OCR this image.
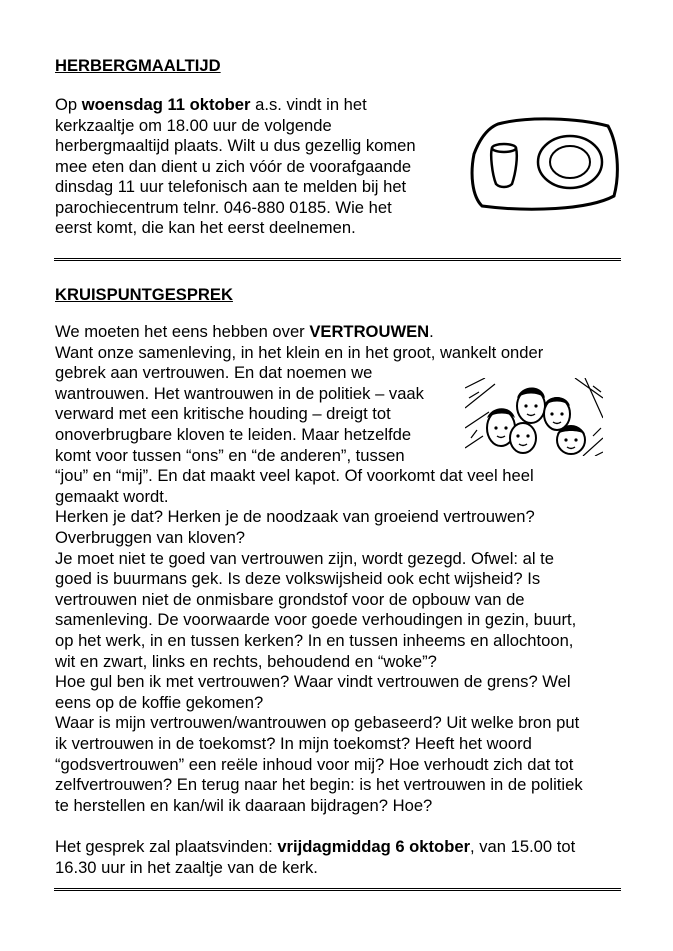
HERBERGMAALTIJD
Op woensdag 11 oktober a.s. vindt in het
kerkzaaltje om 18.00 uur de volgende
herbergmaaltijd plaats. Wilt u dus gezellig komen
mee eten dan dient u zich vóór de voorafgaande
dinsdag 11 uur telefonisch aan te melden bij het
parochiecentrum telnr. 046-880 0185. Wie het
eerst komt, die kan het eerst deelnemen.
KRUISPUNTGESPREK
We moeten het eens hebben over VERTROUWEN.
Want onze samenleving, in het klein en in het groot, wankelt onder
gebrek aan vertrouwen. En dat noemen we
wantrouwen. Het wantrouwen in de politiek – vaak
verward met een kritische houding – dreigt tot
onoverbrugbare kloven te leiden. Maar hetzelfde
komt voor tussen “ons” en “de anderen”, tussen
“jou” en “mij”. En dat maakt veel kapot. Of voorkomt dat veel heel
gemaakt wordt.
Herken je dat? Herken je de noodzaak van groeiend vertrouwen?
Overbruggen van kloven?
Je moet niet te goed van vertrouwen zijn, wordt gezegd. Ofwel: al te
goed is buurmans gek. Is deze volkswijsheid ook echt wijsheid? Is
vertrouwen niet de onmisbare grondstof voor de opbouw van de
samenleving. De voorwaarde voor goede verhoudingen in gezin, buurt,
op het werk, in en tussen kerken? In en tussen inheems en allochtoon,
wit en zwart, links en rechts, behoudend en “woke”?
Hoe gul ben ik met vertrouwen? Waar vindt vertrouwen de grens? Wel
eens op de koffie gekomen?
Waar is mijn vertrouwen/wantrouwen op gebaseerd? Uit welke bron put
ik vertrouwen in de toekomst? In mijn toekomst? Heeft het woord
“godsvertrouwen” een reële inhoud voor mij? Hoe verhoudt zich dat tot
zelfvertrouwen? En terug naar het begin: is het vertrouwen in de politiek
te herstellen en kan/wil ik daaraan bijdragen? Hoe?
Het gesprek zal plaatsvinden: vrijdagmiddag 6 oktober, van 15.00 tot
16.30 uur in het zaaltje van de kerk.
